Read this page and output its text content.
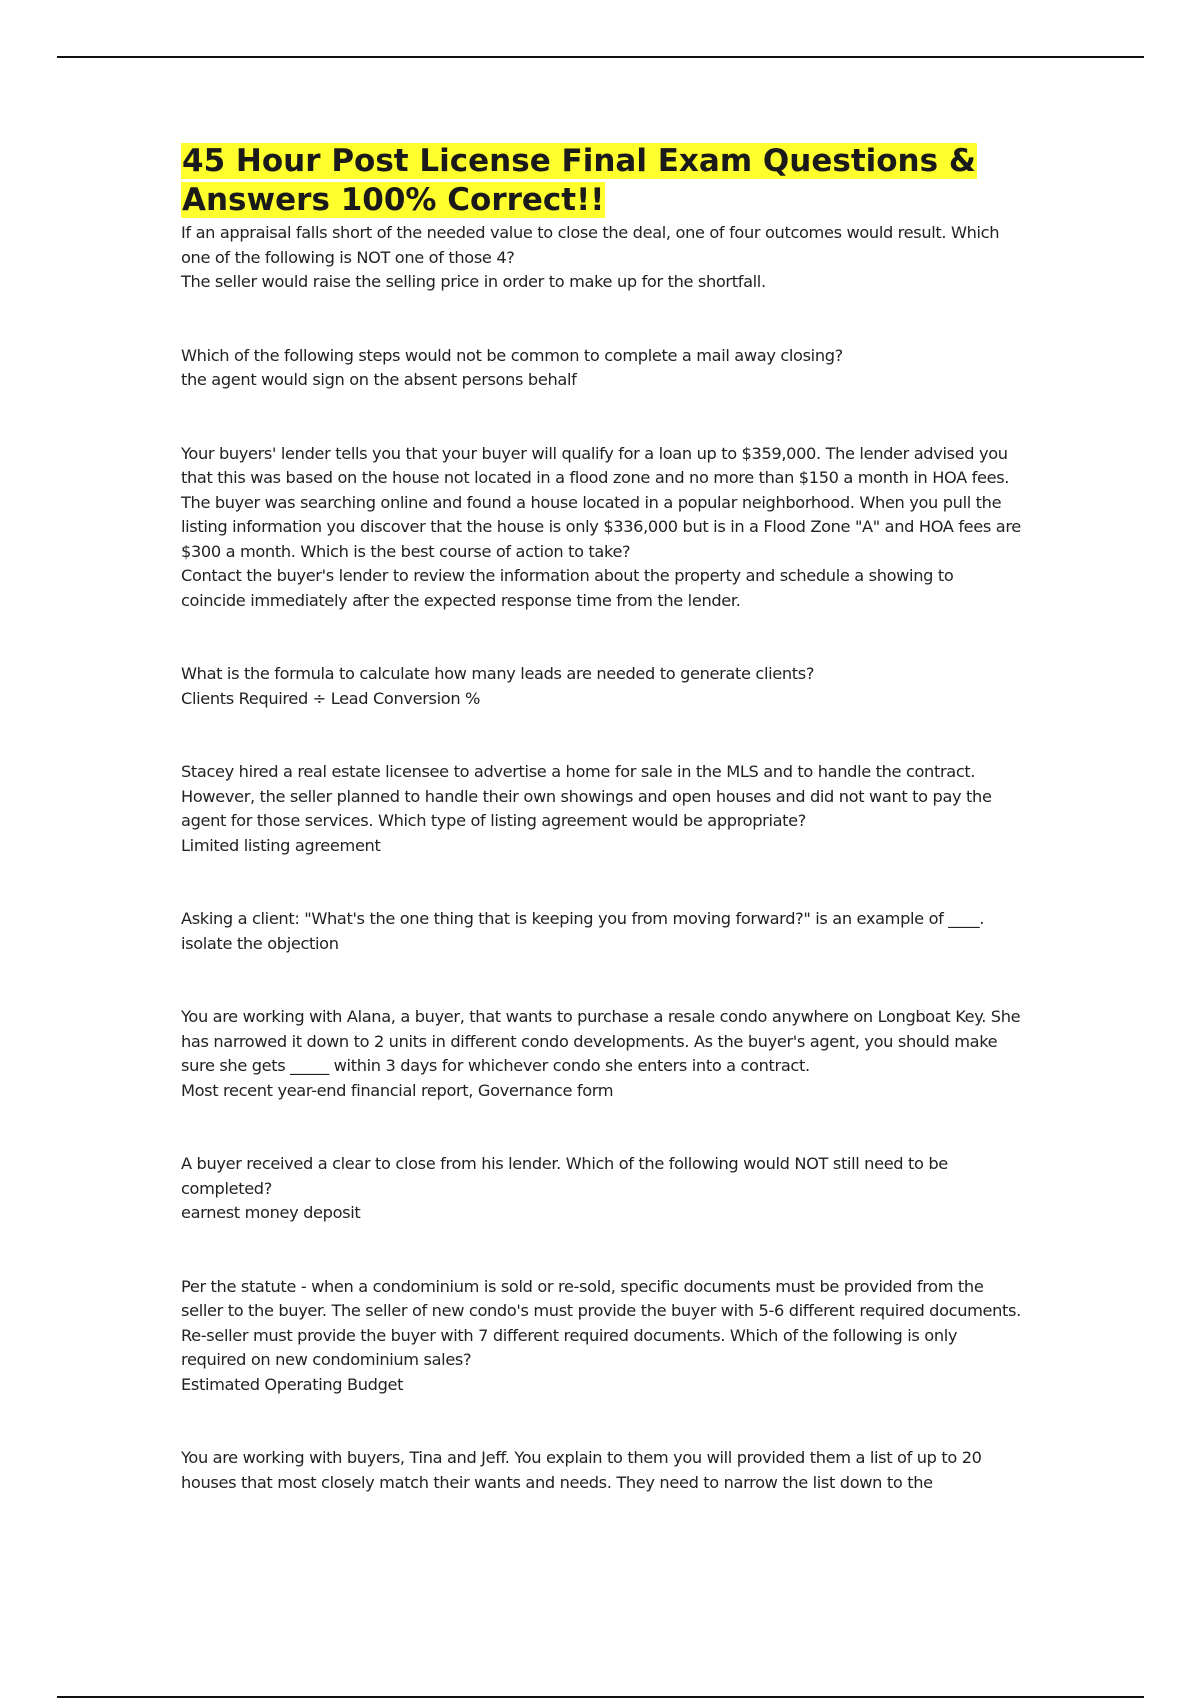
45 Hour Post License Final Exam Questions & Answers 100% Correct!!
If an appraisal falls short of the needed value to close the deal, one of four outcomes would result. Which one of the following is NOT one of those 4?
The seller would raise the selling price in order to make up for the shortfall.
Which of the following steps would not be common to complete a mail away closing?
the agent would sign on the absent persons behalf
Your buyers' lender tells you that your buyer will qualify for a loan up to $359,000. The lender advised you that this was based on the house not located in a flood zone and no more than $150 a month in HOA fees. The buyer was searching online and found a house located in a popular neighborhood. When you pull the listing information you discover that the house is only $336,000 but is in a Flood Zone "A" and HOA fees are $300 a month. Which is the best course of action to take?
Contact the buyer's lender to review the information about the property and schedule a showing to coincide immediately after the expected response time from the lender.
What is the formula to calculate how many leads are needed to generate clients?
Clients Required ÷ Lead Conversion %
Stacey hired a real estate licensee to advertise a home for sale in the MLS and to handle the contract. However, the seller planned to handle their own showings and open houses and did not want to pay the agent for those services. Which type of listing agreement would be appropriate?
Limited listing agreement
Asking a client: "What's the one thing that is keeping you from moving forward?" is an example of ____.
isolate the objection
You are working with Alana, a buyer, that wants to purchase a resale condo anywhere on Longboat Key. She has narrowed it down to 2 units in different condo developments. As the buyer's agent, you should make sure she gets _____ within 3 days for whichever condo she enters into a contract.
Most recent year-end financial report, Governance form
A buyer received a clear to close from his lender. Which of the following would NOT still need to be completed?
earnest money deposit
Per the statute - when a condominium is sold or re-sold, specific documents must be provided from the seller to the buyer. The seller of new condo's must provide the buyer with 5-6 different required documents. Re-seller must provide the buyer with 7 different required documents. Which of the following is only required on new condominium sales?
Estimated Operating Budget
You are working with buyers, Tina and Jeff. You explain to them you will provided them a list of up to 20 houses that most closely match their wants and needs. They need to narrow the list down to the
